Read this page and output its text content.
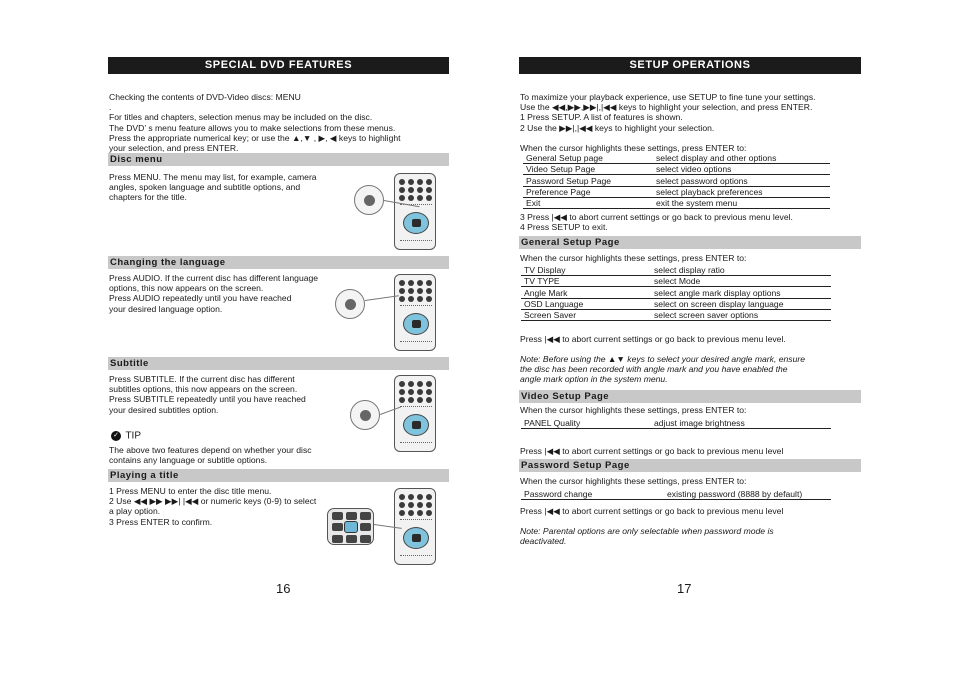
SPECIAL DVD FEATURES
Checking the contents of DVD-Video discs: MENU
.
For titles and chapters, selection menus may be included on the disc.
The DVD’ s menu feature allows you to make selections from these menus.
Press the appropriate numerical key; or use the ▲,▼ , ▶, ◀ keys to highlight
your selection, and press ENTER.
Disc menu
Press MENU. The menu may list, for example, camera
angles, spoken language and subtitle options, and
chapters for the title.
Changing the language
Press AUDIO. If the current disc has different language
options, this now appears on the screen.
Press AUDIO repeatedly until you have reached
your desired language option.
Subtitle
Press SUBTITLE. If the current disc has different
subtitles options, this now appears on the screen.
Press SUBTITLE repeatedly until you have reached
your desired subtitles option.
✓ TIP
The above two features depend on whether your disc
contains any language or subtitle options.
Playing a title
1 Press MENU to enter the disc title menu.
2 Use ◀◀ ▶▶ ▶▶| |◀◀ or numeric keys (0-9) to select
a play option.
3 Press ENTER to confirm.
16
SETUP OPERATIONS
To maximize your playback experience, use SETUP to fine tune your settings.
Use the ◀◀,▶▶,▶▶|,|◀◀ keys to highlight your selection, and press ENTER.
1 Press SETUP. A list of features is shown.
2 Use the ▶▶|,|◀◀ keys to highlight your selection.
When the cursor highlights these settings, press ENTER to:
General Setup page	select display and other options
Video Setup Page	select video options
Password Setup Page	select password options
Preference Page	select playback preferences
Exit	exit the system menu
3 Press |◀◀ to abort current settings or go back to previous menu level.
4 Press SETUP to exit.
General Setup Page
When the cursor highlights these settings, press ENTER to:
TV Display	select display ratio
TV TYPE	select Mode
Angle Mark	select angle mark display options
OSD Language	select on screen display language
Screen Saver	select screen saver options
Press |◀◀ to abort current settings or go back to previous menu level.
Note: Before using the ▲▼ keys to select your desired angle mark, ensure
the disc has been recorded with angle mark and you have enabled the
angle mark option in the system menu.
Video Setup Page
When the cursor highlights these settings, press ENTER to:
PANEL Quality	adjust image brightness
Press |◀◀ to abort current settings or go back to previous menu level
Password Setup Page
When the cursor highlights these settings, press ENTER to:
Password change	existing password (8888 by default)
Press |◀◀ to abort current settings or go back to previous menu level
Note: Parental options are only selectable when password mode is
deactivated.
17
